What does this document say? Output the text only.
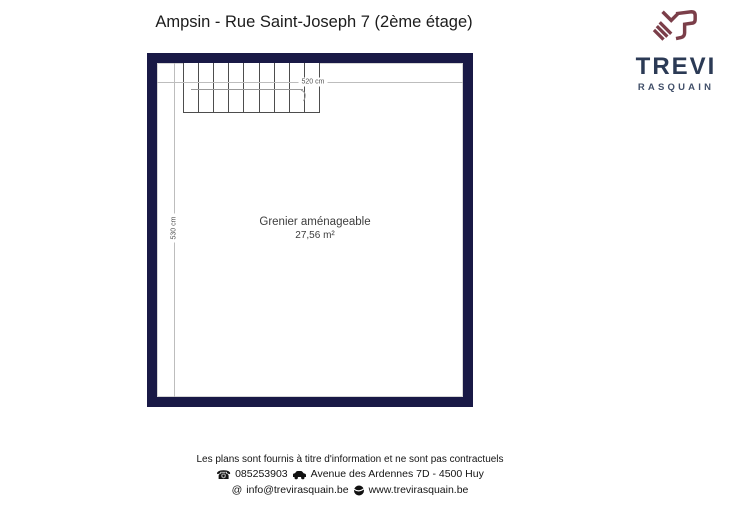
Ampsin - Rue Saint-Joseph 7 (2ème étage)
TREVI
RASQUAIN
520 cm
530 cm	Grenier aménageable
27,56 m²
Les plans sont fournis à titre d'information et ne sont pas contractuels
☎ 085253903 Avenue des Ardennes 7D - 4500 Huy
@ info@trevirasquain.be www.trevirasquain.be
